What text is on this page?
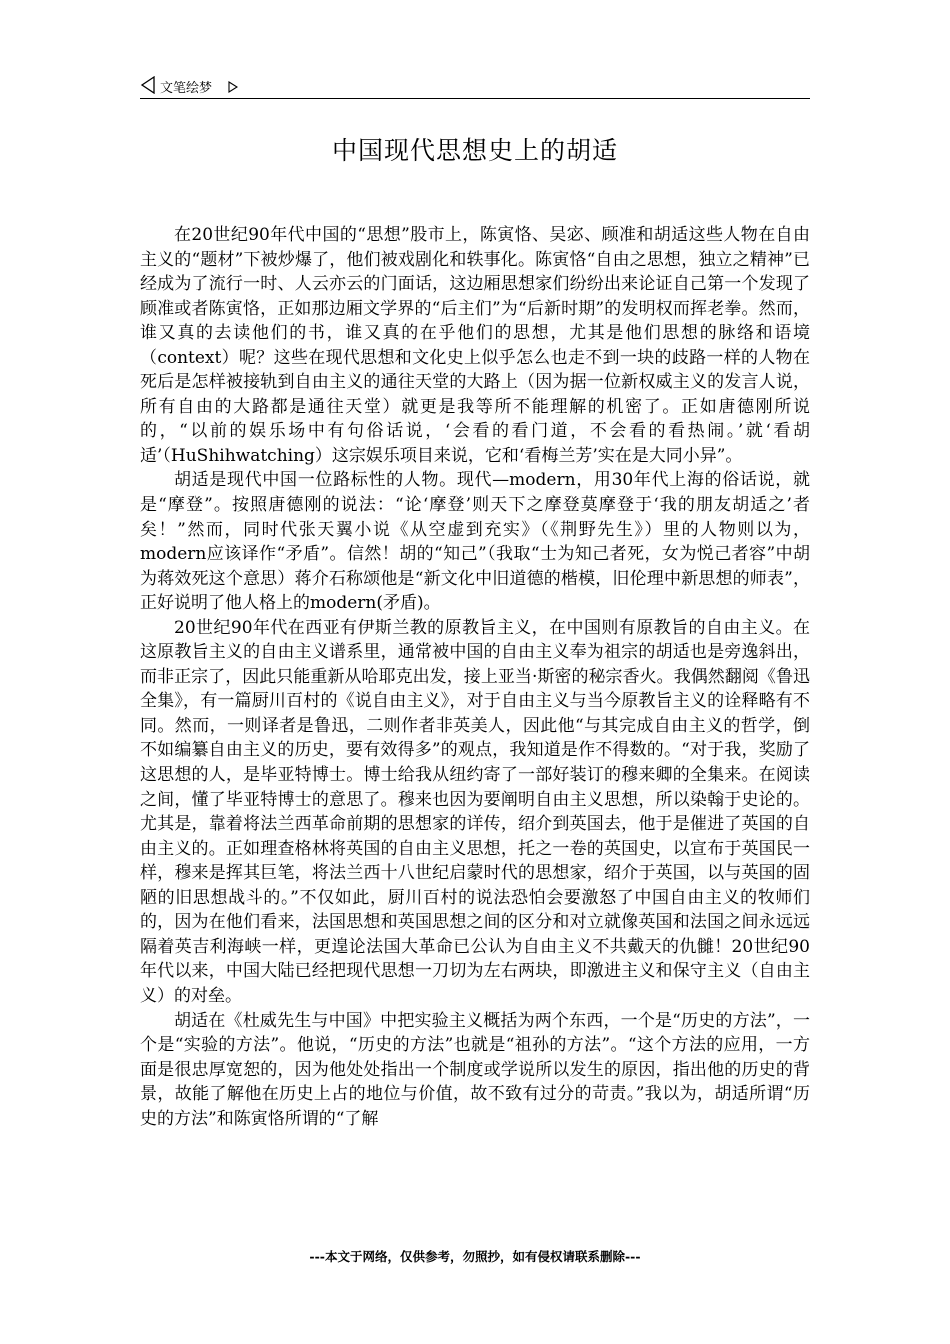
文笔绘梦
中国现代思想史上的胡适

在20世纪90年代中国的“思想”股市上，陈寅恪、吴宓、顾准和胡适这些人物在自由主义的“题材”下被炒爆了，他们被戏剧化和轶事化。陈寅恪“自由之思想，独立之精神”已经成为了流行一时、人云亦云的门面话，这边厢思想家们纷纷出来论证自己第一个发现了顾准或者陈寅恪，正如那边厢文学界的“后主们”为“后新时期”的发明权而挥老拳。然而，谁又真的去读他们的书，谁又真的在乎他们的思想，尤其是他们思想的脉络和语境（context）呢？这些在现代思想和文化史上似乎怎么也走不到一块的歧路一样的人物在死后是怎样被接轨到自由主义的通往天堂的大路上（因为据一位新权威主义的发言人说，所有自由的大路都是通往天堂）就更是我等所不能理解的机密了。正如唐德刚所说的，“以前的娱乐场中有句俗话说，‘会看的看门道，不会看的看热闹。’就‘看胡适’（HuShihwatching）这宗娱乐项目来说，它和‘看梅兰芳’实在是大同小异”。

胡适是现代中国一位路标性的人物。现代—modern，用30年代上海的俗话说，就是“摩登”。按照唐德刚的说法：“论‘摩登’则天下之摩登莫摩登于‘我的朋友胡适之’者矣！”然而，同时代张天翼小说《从空虚到充实》（《荆野先生》）里的人物则以为，modern应该译作“矛盾”。信然！胡的“知己”（我取“士为知己者死，女为悦己者容”中胡为蒋效死这个意思）蒋介石称颂他是“新文化中旧道德的楷模，旧伦理中新思想的师表”，正好说明了他人格上的modern(矛盾)。

20世纪90年代在西亚有伊斯兰教的原教旨主义，在中国则有原教旨的自由主义。在这原教旨主义的自由主义谱系里，通常被中国的自由主义奉为祖宗的胡适也是旁逸斜出，而非正宗了，因此只能重新从哈耶克出发，接上亚当·斯密的秘宗香火。我偶然翻阅《鲁迅全集》，有一篇厨川百村的《说自由主义》，对于自由主义与当今原教旨主义的诠释略有不同。然而，一则译者是鲁迅，二则作者非英美人，因此他“与其完成自由主义的哲学，倒不如编纂自由主义的历史，要有效得多”的观点，我知道是作不得数的。“对于我，奖励了这思想的人，是毕亚特博士。博士给我从纽约寄了一部好装订的穆来卿的全集来。在阅读之间，懂了毕亚特博士的意思了。穆来也因为要阐明自由主义思想，所以染翰于史论的。尤其是，靠着将法兰西革命前期的思想家的详传，绍介到英国去，他于是催进了英国的自由主义的。正如理查格林将英国的自由主义思想，托之一卷的英国史，以宣布于英国民一样，穆来是挥其巨笔，将法兰西十八世纪启蒙时代的思想家，绍介于英国，以与英国的固陋的旧思想战斗的。”不仅如此，厨川百村的说法恐怕会要激怒了中国自由主义的牧师们的，因为在他们看来，法国思想和英国思想之间的区分和对立就像英国和法国之间永远远隔着英吉利海峡一样，更遑论法国大革命已公认为自由主义不共戴天的仇雠！20世纪90年代以来，中国大陆已经把现代思想一刀切为左右两块，即激进主义和保守主义（自由主义）的对垒。

胡适在《杜威先生与中国》中把实验主义概括为两个东西，一个是“历史的方法”，一个是“实验的方法”。他说，“历史的方法”也就是“祖孙的方法”。“这个方法的应用，一方面是很忠厚宽恕的，因为他处处指出一个制度或学说所以发生的原因，指出他的历史的背景，故能了解他在历史上占的地位与价值，故不致有过分的苛责。”我以为，胡适所谓“历史的方法”和陈寅恪所谓的“了解

---本文于网络，仅供参考，勿照抄，如有侵权请联系删除---
